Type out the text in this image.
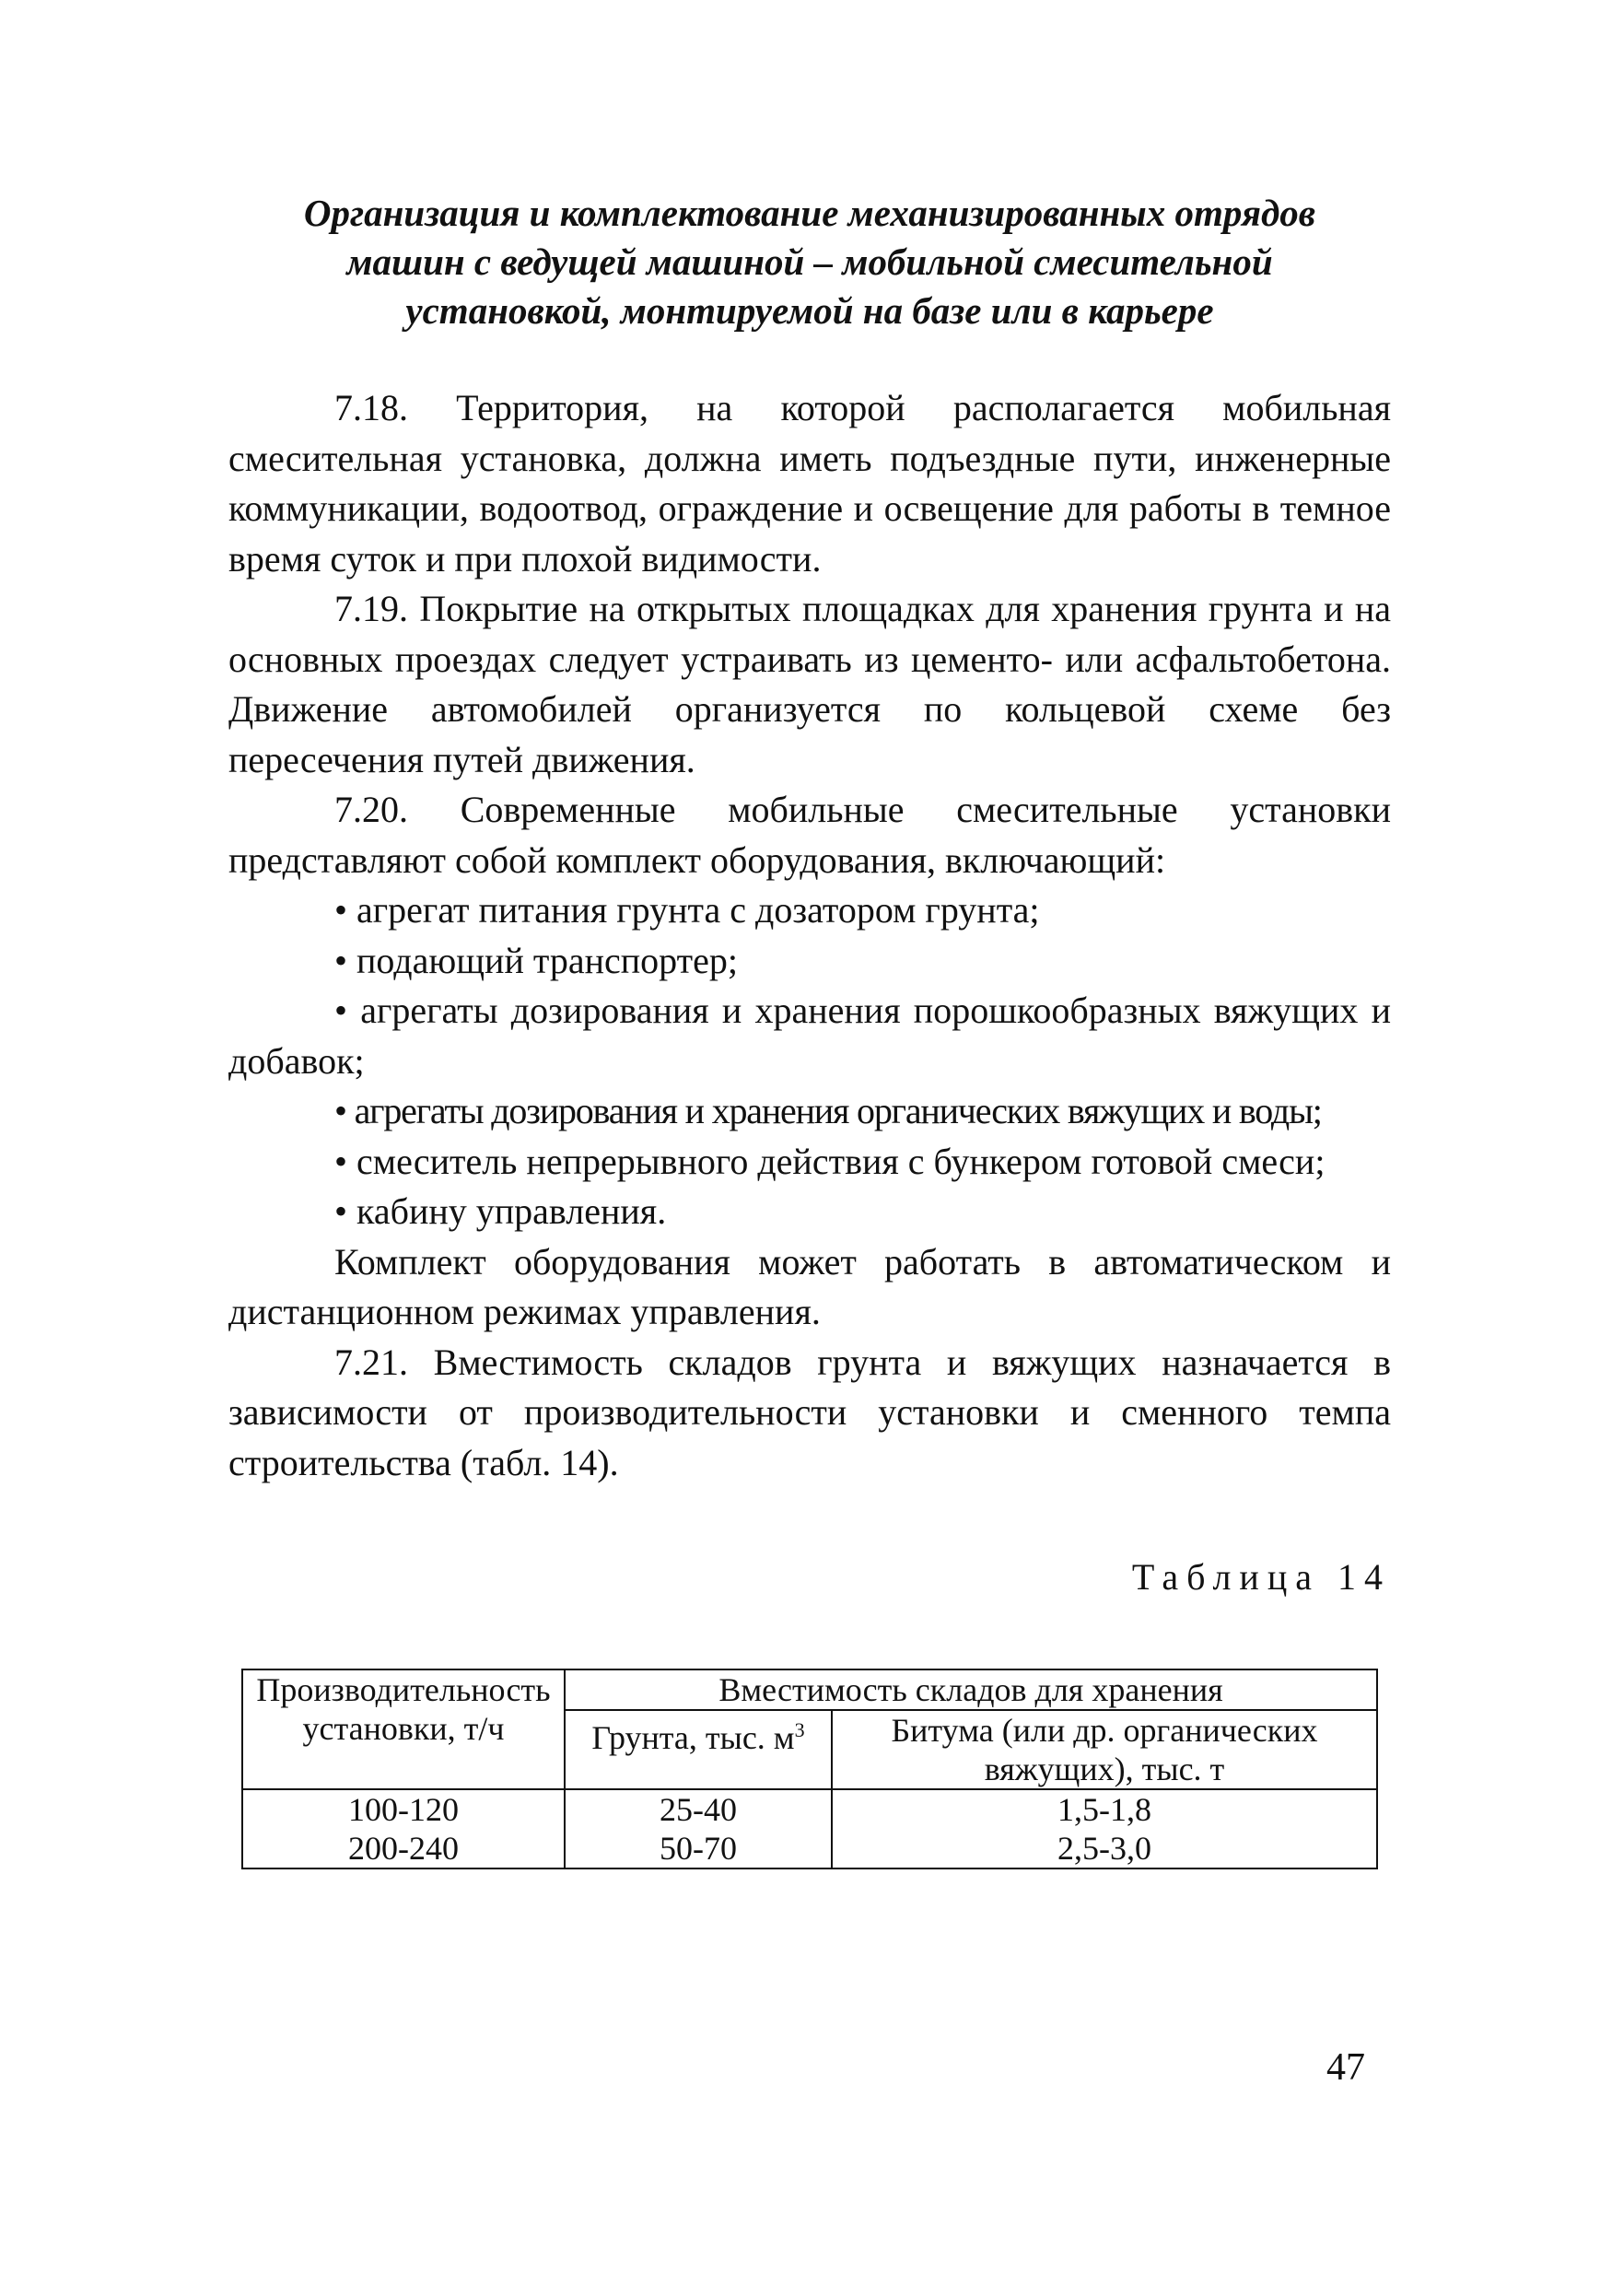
Организация и комплектование механизированных отрядов
машин с ведущей машиной – мобильной смесительной
установкой, монтируемой на базе или в карьере

7.18. Территория, на которой располагается мобильная смесительная установка, должна иметь подъездные пути, инженерные коммуникации, водоотвод, ограждение и освещение для работы в темное время суток и при плохой видимости.

7.19. Покрытие на открытых площадках для хранения грунта и на основных проездах следует устраивать из цементо- или асфальтобетона. Движение автомобилей организуется по кольцевой схеме без пересечения путей движения.

7.20. Современные мобильные смесительные установки представляют собой комплект оборудования, включающий:

• агрегат питания грунта с дозатором грунта;

• подающий транспортер;

• агрегаты дозирования и хранения порошкообразных вяжущих и добавок;

• агрегаты дозирования и хранения органических вяжущих и воды;

• смеситель непрерывного действия с бункером готовой смеси;

• кабину управления.

Комплект оборудования может работать в автоматическом и дистанционном режимах управления.

7.21. Вместимость складов грунта и вяжущих назначается в зависимости от производительности установки и сменного темпа строительства (табл. 14).

Таблица 14
Производительность установки, т/ч	Вместимость складов для хранения	
	Грунта, тыс. $м^3$	Битума (или др. органических вяжущих), тыс. т
100-120	25-40	1,5-1,8
200-240	50-70	2,5-3,0
47
